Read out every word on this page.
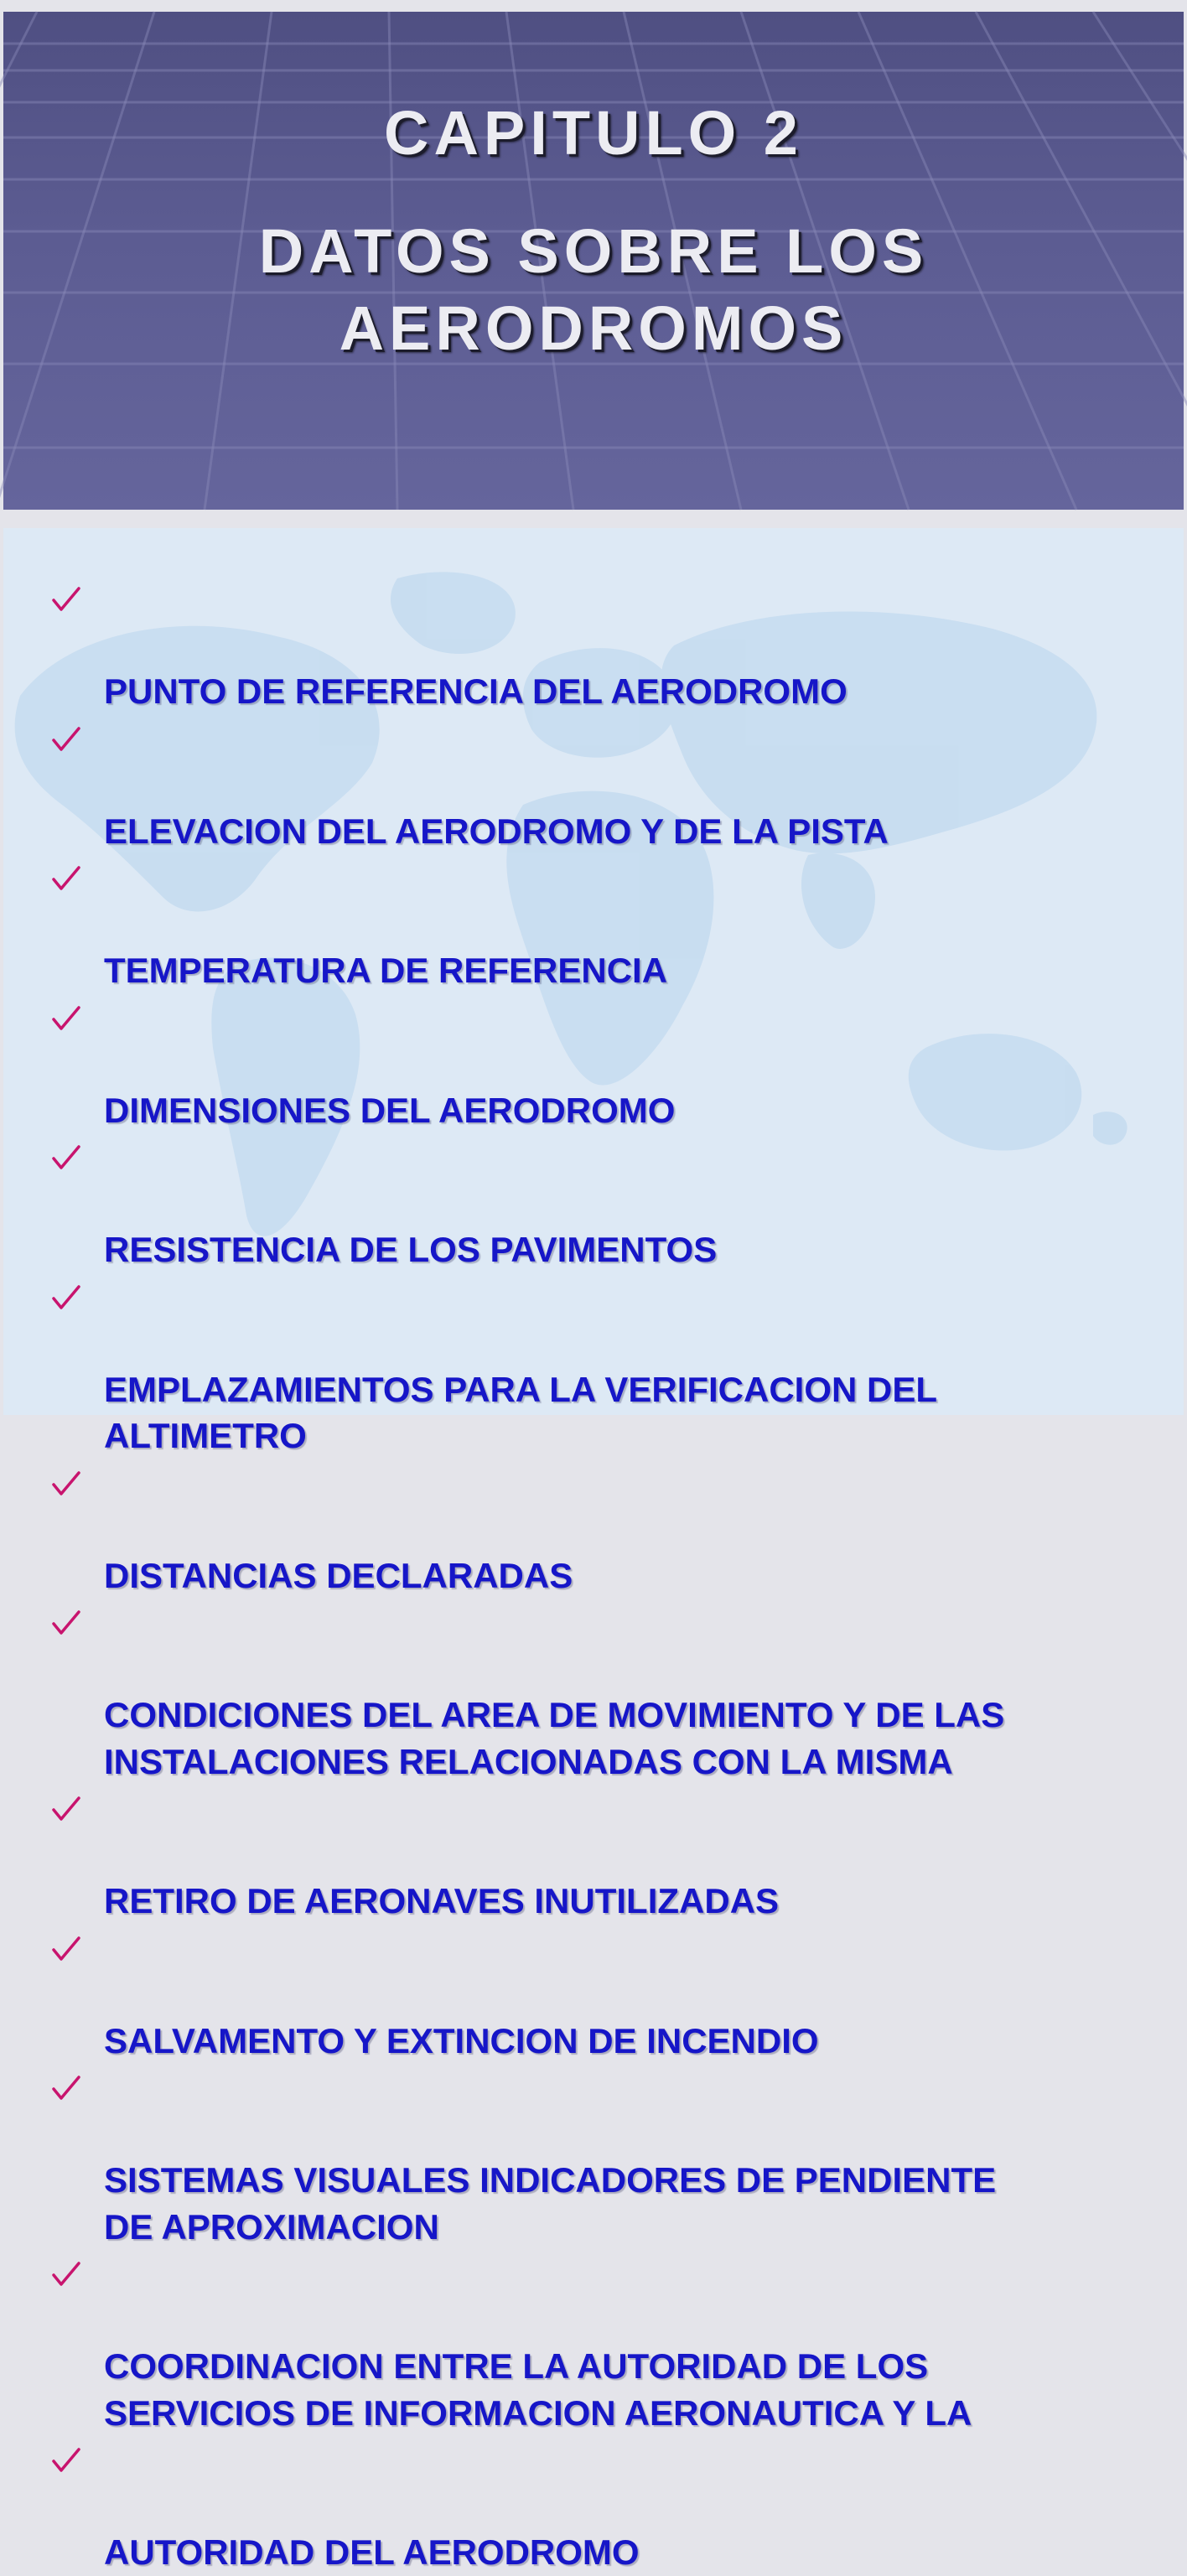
CAPITULO 2
DATOS SOBRE LOS
AERODROMOS

PUNTO DE REFERENCIA DEL AERODROMO

ELEVACION DEL AERODROMO Y DE LA PISTA

TEMPERATURA DE REFERENCIA

DIMENSIONES DEL AERODROMO

RESISTENCIA DE LOS PAVIMENTOS

EMPLAZAMIENTOS PARA LA VERIFICACION DEL
ALTIMETRO

DISTANCIAS DECLARADAS

CONDICIONES DEL AREA DE MOVIMIENTO Y DE LAS
INSTALACIONES RELACIONADAS CON LA MISMA

RETIRO DE AERONAVES INUTILIZADAS

SALVAMENTO Y EXTINCION DE INCENDIO

SISTEMAS VISUALES INDICADORES DE PENDIENTE
DE APROXIMACION

COORDINACION ENTRE LA AUTORIDAD DE LOS
SERVICIOS DE INFORMACION AERONAUTICA Y LA

AUTORIDAD DEL AERODROMO
